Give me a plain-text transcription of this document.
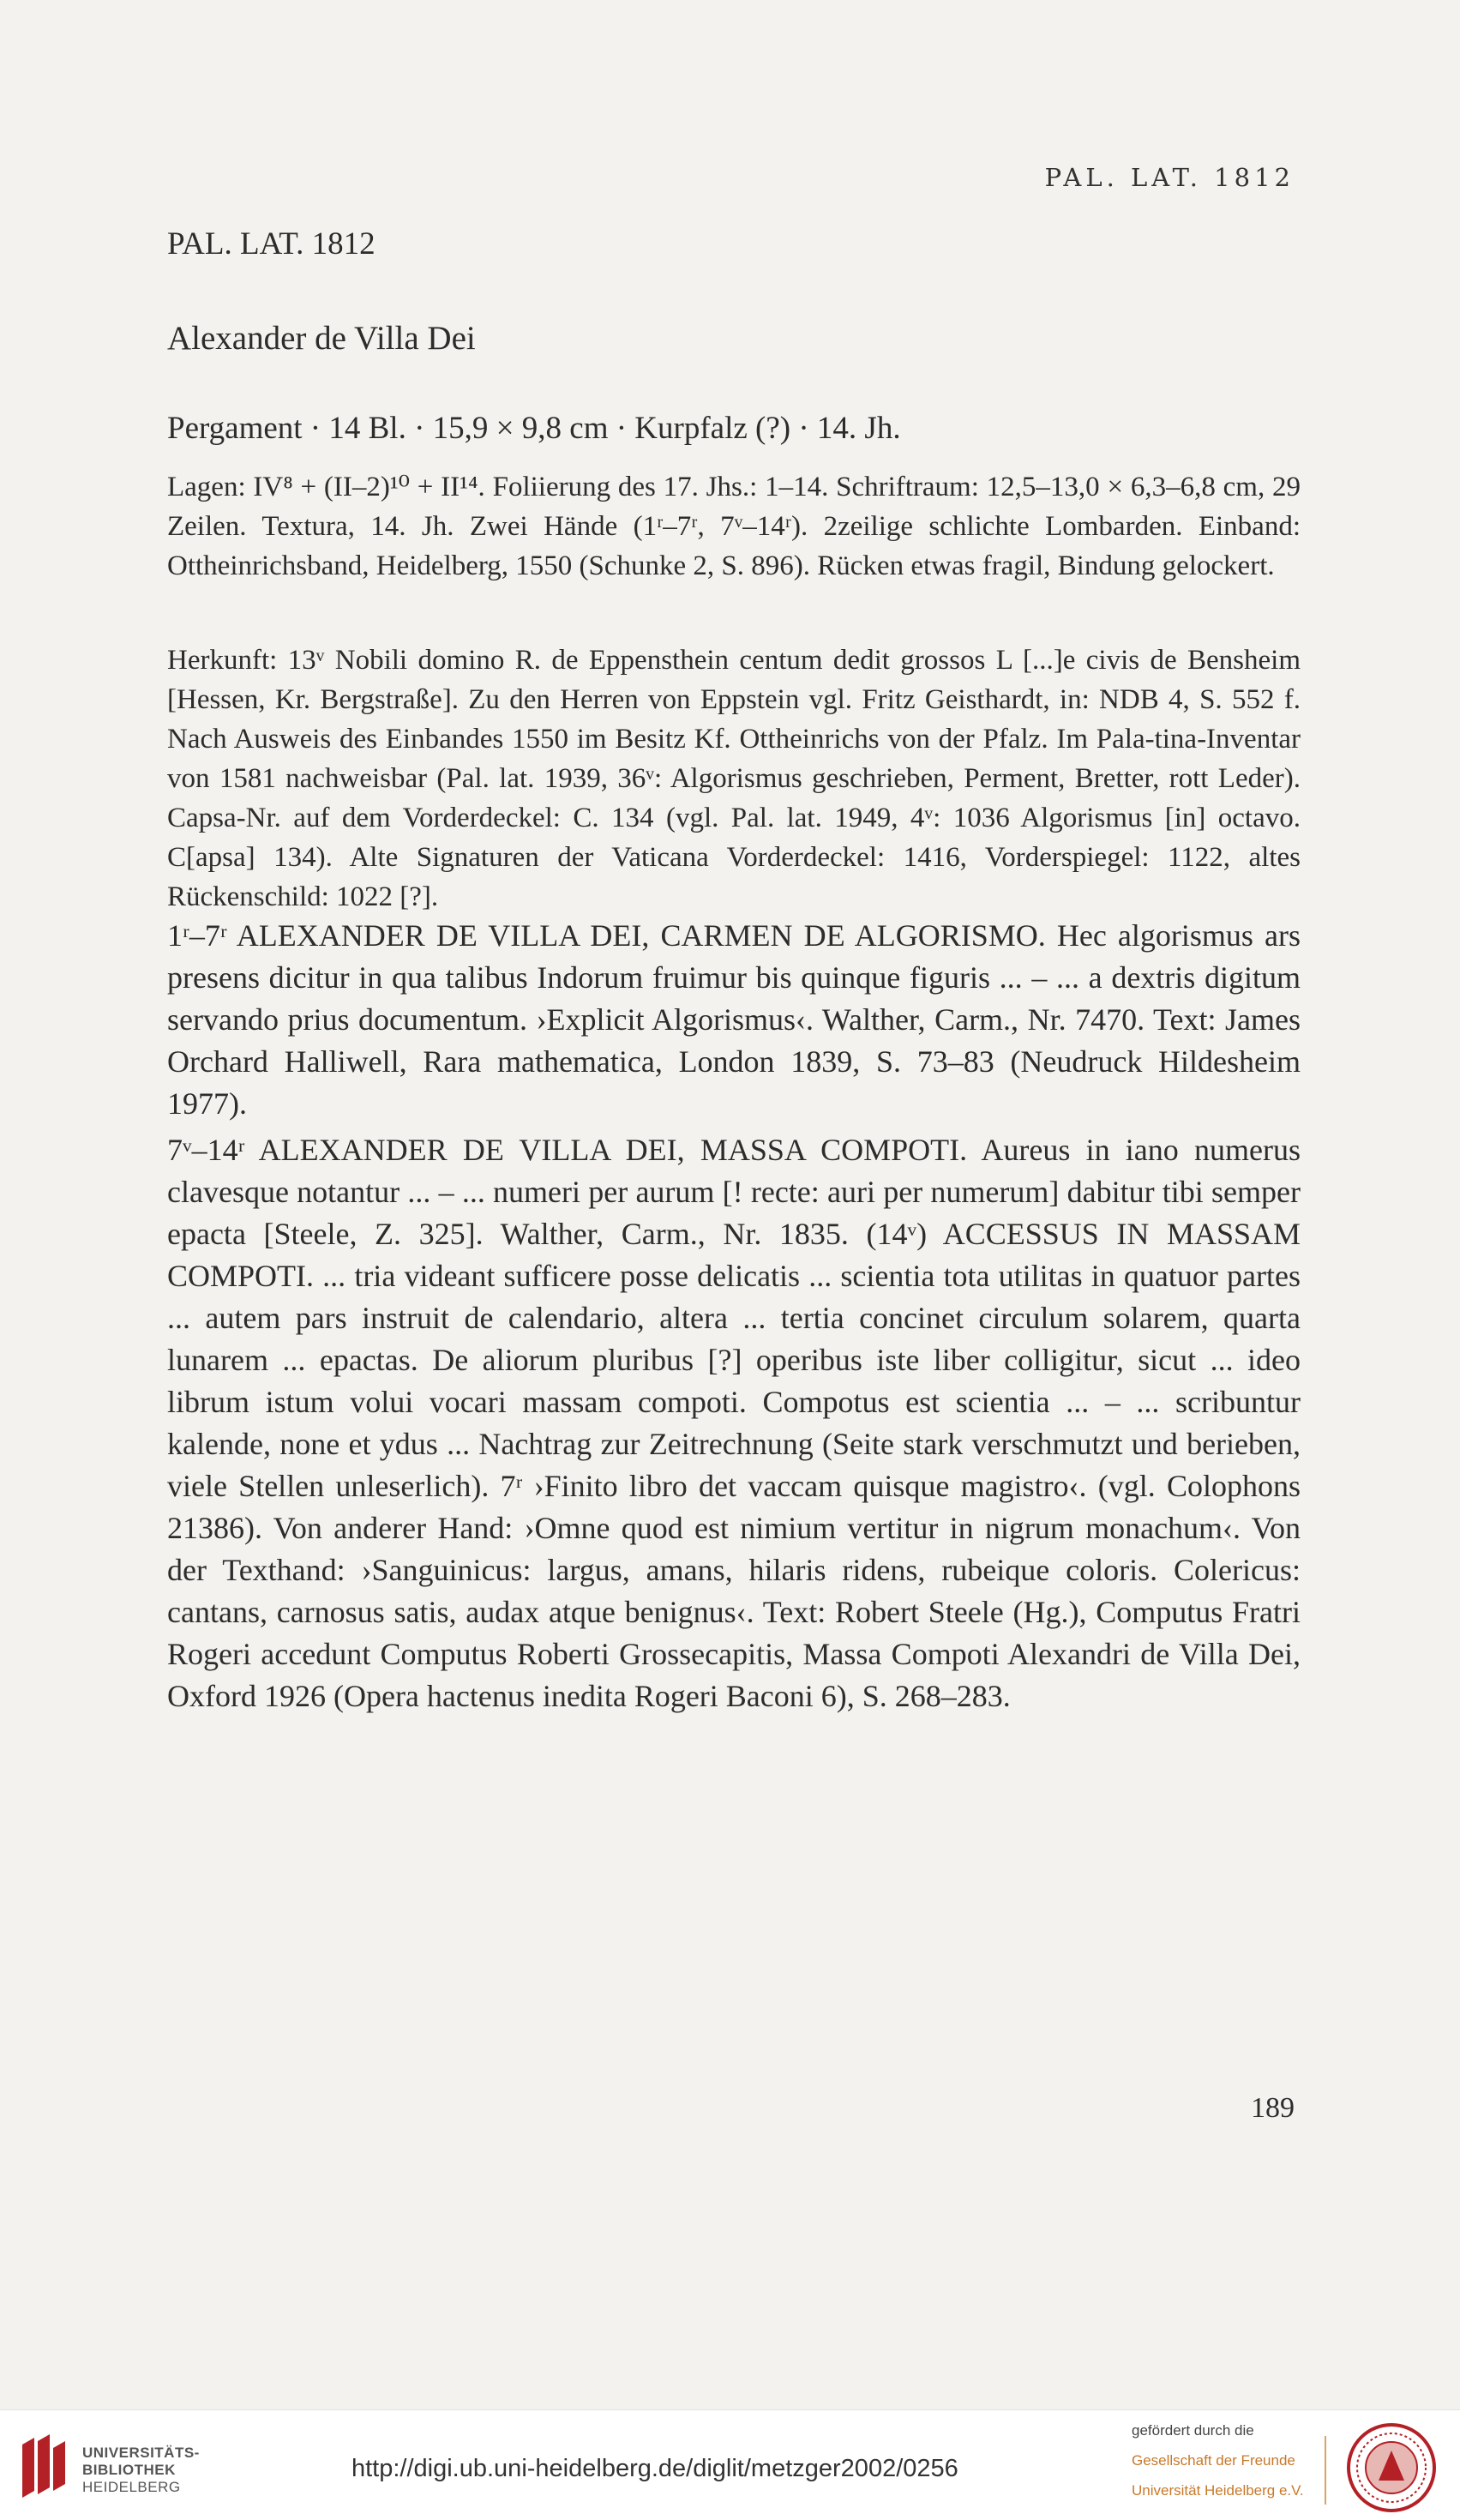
PAL. LAT. 1812
PAL. LAT. 1812
Alexander de Villa Dei
Pergament · 14 Bl. · 15,9 × 9,8 cm · Kurpfalz (?) · 14. Jh.
Lagen: IV⁸ + (II–2)¹⁰ + II¹⁴. Foliierung des 17. Jhs.: 1–14. Schriftraum: 12,5–13,0 × 6,3–6,8 cm, 29 Zeilen. Textura, 14. Jh. Zwei Hände (1ʳ–7ʳ, 7ᵛ–14ʳ). 2zeilige schlichte Lombarden. Einband: Ottheinrichsband, Heidelberg, 1550 (Schunke 2, S. 896). Rücken etwas fragil, Bindung gelockert.
Herkunft: 13ᵛ Nobili domino R. de Eppensthein centum dedit grossos L [...]e civis de Bensheim [Hessen, Kr. Bergstraße]. Zu den Herren von Eppstein vgl. Fritz Geisthardt, in: NDB 4, S. 552 f. Nach Ausweis des Einbandes 1550 im Besitz Kf. Ottheinrichs von der Pfalz. Im Pala-tina-Inventar von 1581 nachweisbar (Pal. lat. 1939, 36ᵛ: Algorismus geschrieben, Perment, Bretter, rott Leder). Capsa-Nr. auf dem Vorderdeckel: C. 134 (vgl. Pal. lat. 1949, 4ᵛ: 1036 Algorismus [in] octavo. C[apsa] 134). Alte Signaturen der Vaticana Vorderdeckel: 1416, Vorderspiegel: 1122, altes Rückenschild: 1022 [?].
1ʳ–7ʳ ALEXANDER DE VILLA DEI, CARMEN DE ALGORISMO. Hec algorismus ars presens dicitur in qua talibus Indorum fruimur bis quinque figuris ... – ... a dextris digitum servando prius documentum. ›Explicit Algorismus‹. Walther, Carm., Nr. 7470. Text: James Orchard Halliwell, Rara mathematica, London 1839, S. 73–83 (Neudruck Hildesheim 1977).
7ᵛ–14ʳ ALEXANDER DE VILLA DEI, MASSA COMPOTI. Aureus in iano numerus clavesque notantur ... – ... numeri per aurum [! recte: auri per numerum] dabitur tibi semper epacta [Steele, Z. 325]. Walther, Carm., Nr. 1835. (14ᵛ) ACCESSUS IN MASSAM COMPOTI. ... tria videant sufficere posse delicatis ... scientia tota utilitas in quatuor partes ... autem pars instruit de calendario, altera ... tertia concinet circulum solarem, quarta lunarem ... epactas. De aliorum pluribus [?] operibus iste liber colligitur, sicut ... ideo librum istum volui vocari massam compoti. Compotus est scientia ... – ... scribuntur kalende, none et ydus ... Nachtrag zur Zeitrechnung (Seite stark verschmutzt und berieben, viele Stellen unleserlich). 7ʳ ›Finito libro det vaccam quisque magistro‹. (vgl. Colophons 21386). Von anderer Hand: ›Omne quod est nimium vertitur in nigrum monachum‹. Von der Texthand: ›Sanguinicus: largus, amans, hilaris ridens, rubeique coloris. Colericus: cantans, carnosus satis, audax atque benignus‹. Text: Robert Steele (Hg.), Computus Fratri Rogeri accedunt Computus Roberti Grossecapitis, Massa Compoti Alexandri de Villa Dei, Oxford 1926 (Opera hactenus inedita Rogeri Baconi 6), S. 268–283.
189
UNIVERSITÄTS-
BIBLIOTHEK
HEIDELBERG
http://digi.ub.uni-heidelberg.de/diglit/metzger2002/0256
gefördert durch die
Gesellschaft der Freunde
Universität Heidelberg e.V.
